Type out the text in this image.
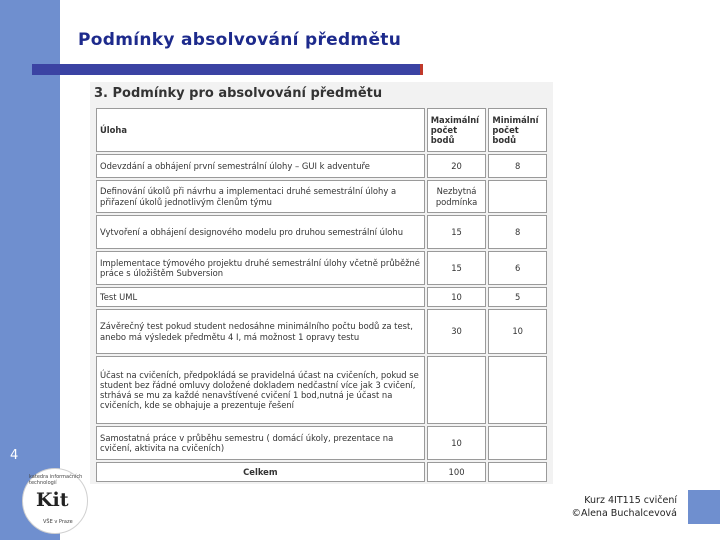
4
Podmínky absolvování předmětu
3. Podmínky pro absolvování předmětu
Úloha	Maximální počet bodů	Minimální počet bodů
Odevzdání a obhájení první semestrální úlohy – GUI k adventuře	20	8
Definování úkolů při návrhu a implementaci druhé semestrální úlohy a přiřazení úkolů jednotlivým členům týmu	Nezbytná podmínka	
Vytvoření a obhájení designového modelu pro druhou semestrální úlohu	15	8
Implementace týmového projektu druhé semestrální úlohy včetně průběžné práce s úložištěm Subversion	15	6
Test UML	10	5
Závěrečný test pokud student nedosáhne minimálního počtu bodů za test, anebo má výsledek předmětu 4 I, má možnost 1 opravy testu	30	10
Účast na cvičeních, předpokládá se pravidelná účast na cvičeních, pokud se student bez řádné omluvy doložené dokladem nedčastní více jak 3 cvičení, strhává se mu za každé nenavštívené cvičení 1 bod,nutná je účast na cvičeních, kde se obhajuje a prezentuje řešení		
Samostatná práce v průběhu semestru ( domácí úkoly, prezentace na cvičení, aktivita na cvičeních)	10	
Celkem	100	
katedra informačních technologií
Kit
VŠE v Praze
Kurz 4IT115 cvičení
©Alena Buchalcevová
